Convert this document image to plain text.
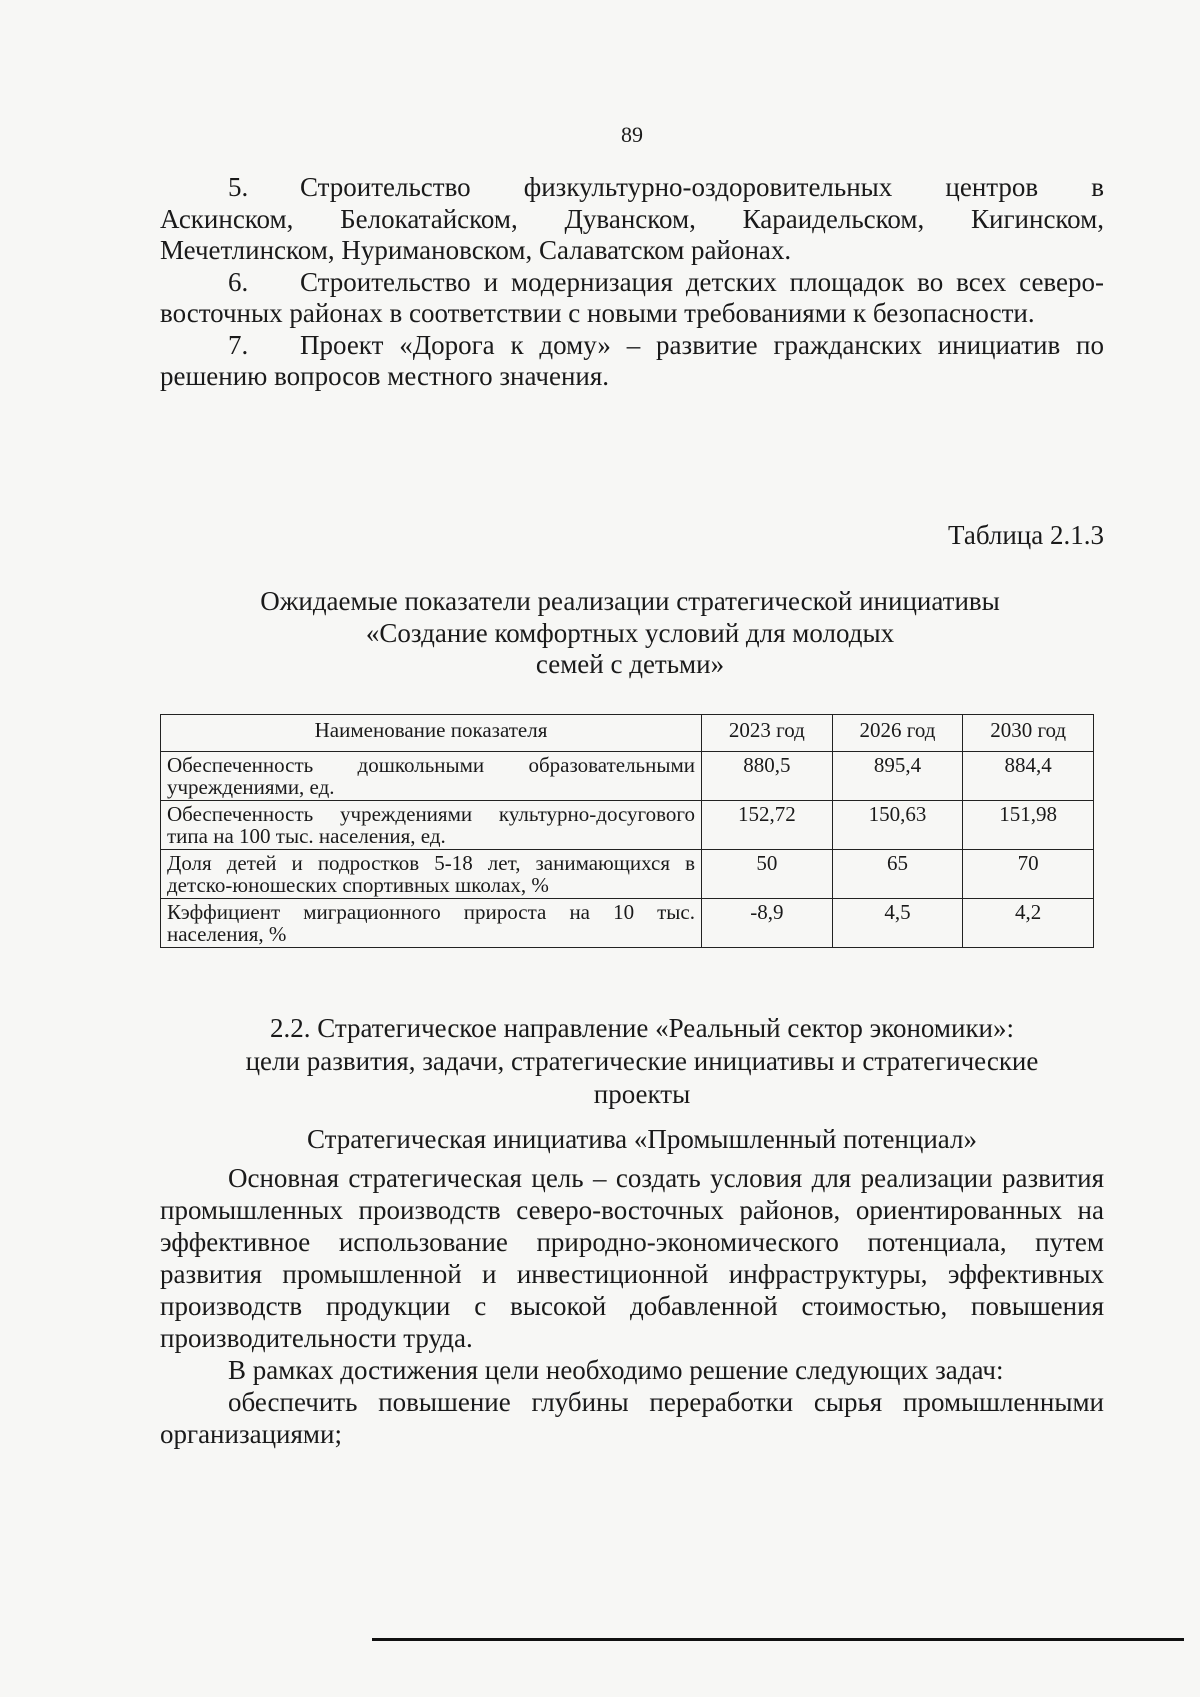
89

5. Строительство физкультурно-оздоровительных центров в Аскинском, Белокатайском, Дуванском, Караидельском, Кигинском, Мечетлинском, Нуримановском, Салаватском районах.

6. Строительство и модернизация детских площадок во всех северо-восточных районах в соответствии с новыми требованиями к безопасности.

7. Проект «Дорога к дому» – развитие гражданских инициатив по решению вопросов местного значения.

Таблица 2.1.3
Ожидаемые показатели реализации стратегической инициативы
«Создание комфортных условий для молодых
семей с детьми»
Наименование показателя	2023 год	2026 год	2030 год
Обеспеченность дошкольными образовательными учреждениями, ед.	880,5	895,4	884,4
Обеспеченность учреждениями культурно-досугового типа на 100 тыс. населения, ед.	152,72	150,63	151,98
Доля детей и подростков 5-18 лет, занимающихся в детско-юношеских спортивных школах, %	50	65	70
Кэффициент миграционного прироста на 10 тыс. населения, %	-8,9	4,5	4,2
2.2. Стратегическое направление «Реальный сектор экономики»:
цели развития, задачи, стратегические инициативы и стратегические
проекты
Стратегическая инициатива «Промышленный потенциал»

Основная стратегическая цель – создать условия для реализации развития промышленных производств северо-восточных районов, ориентированных на эффективное использование природно-экономического потенциала, путем развития промышленной и инвестиционной инфраструктуры, эффективных производств продукции с высокой добавленной стоимостью, повышения производительности труда.

В рамках достижения цели необходимо решение следующих задач:

обеспечить повышение глубины переработки сырья промышленными организациями;
